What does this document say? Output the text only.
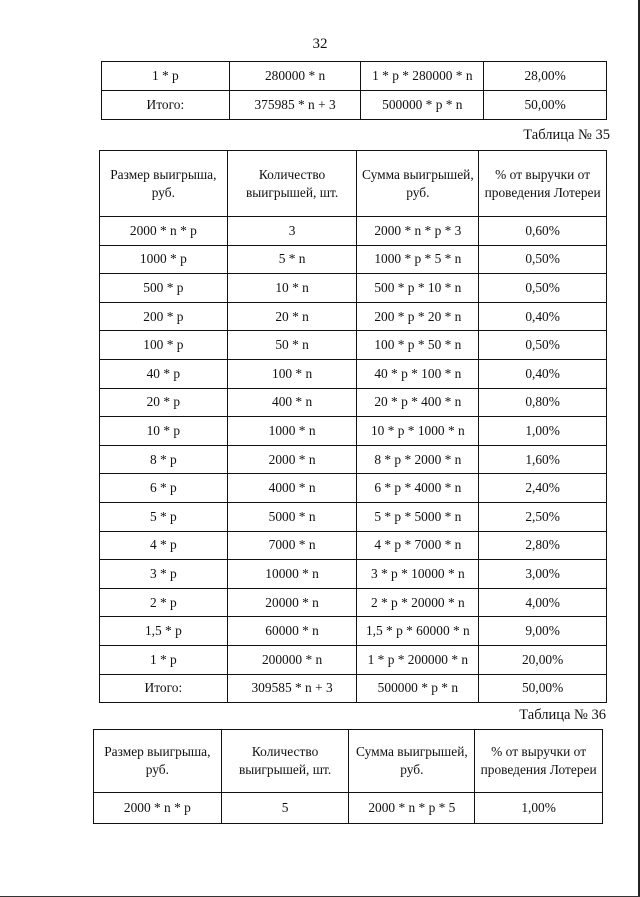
32
1 * p	280000 * n	1 * p * 280000 * n	28,00%
Итого:	375985 * n + 3	500000 * p * n	50,00%
Таблица № 35
Размер выигрыша, руб.	Количество выигрышей, шт.	Сумма выигрышей, руб.	% от выручки от проведения Лотереи
2000 * n * p	3	2000 * n * p * 3	0,60%
1000 * p	5 * n	1000 * p * 5 * n	0,50%
500 * p	10 * n	500 * p * 10 * n	0,50%
200 * p	20 * n	200 * p * 20 * n	0,40%
100 * p	50 * n	100 * p * 50 * n	0,50%
40 * p	100 * n	40 * p * 100 * n	0,40%
20 * p	400 * n	20 * p * 400 * n	0,80%
10 * p	1000 * n	10 * p * 1000 * n	1,00%
8 * p	2000 * n	8 * p * 2000 * n	1,60%
6 * p	4000 * n	6 * p * 4000 * n	2,40%
5 * p	5000 * n	5 * p * 5000 * n	2,50%
4 * p	7000 * n	4 * p * 7000 * n	2,80%
3 * p	10000 * n	3 * p * 10000 * n	3,00%
2 * p	20000 * n	2 * p * 20000 * n	4,00%
1,5 * p	60000 * n	1,5 * p * 60000 * n	9,00%
1 * p	200000 * n	1 * p * 200000 * n	20,00%
Итого:	309585 * n + 3	500000 * p * n	50,00%
Таблица № 36
Размер выигрыша, руб.	Количество выигрышей, шт.	Сумма выигрышей, руб.	% от выручки от проведения Лотереи
2000 * n * p	5	2000 * n * p * 5	1,00%
